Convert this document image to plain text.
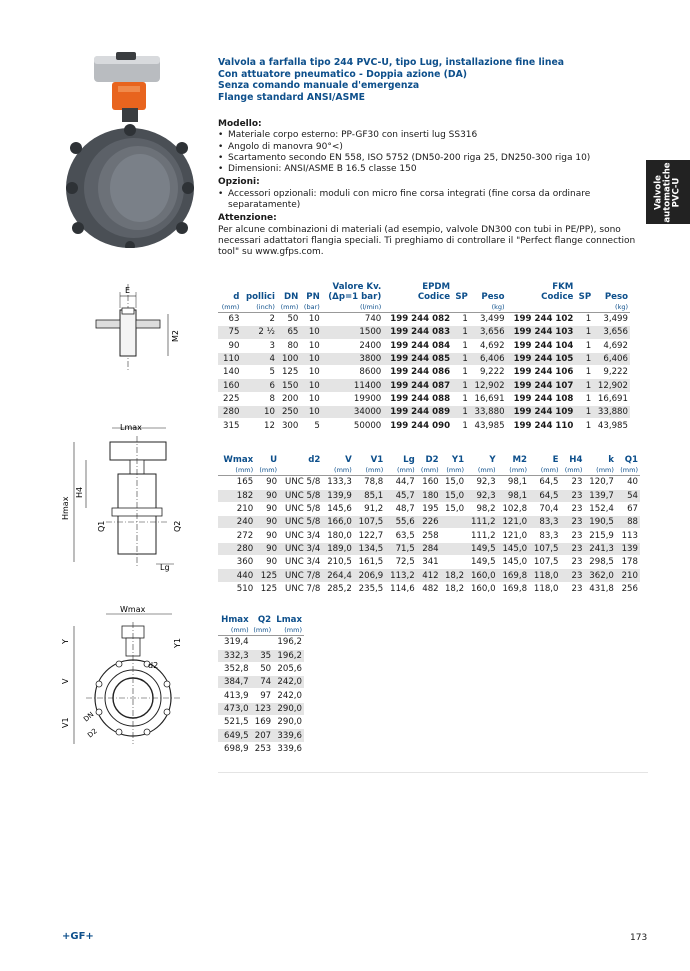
Valvola a farfalla tipo 244 PVC-U, tipo Lug, installazione fine linea
Con attuatore pneumatico - Doppia azione (DA)
Senza comando manuale d'emergenza
Flange standard ANSI/ASME
Valvole automatiche PVC-U
Modello:
• Materiale corpo esterno: PP-GF30 con inserti lug SS316
• Angolo di manovra 90°<)
• Scartamento secondo EN 558, ISO 5752 (DN50-200 riga 25, DN250-300 riga 10)
• Dimensioni: ANSI/ASME B 16.5 classe 150
Opzioni:
• Accessori opzionali: moduli con micro fine corsa integrati (fine corsa da ordinare separatamente)
Attenzione:
Per alcune combinazioni di materiali (ad esempio, valvole DN300 con tubi in PE/PP), sono necessari adattatori flangia speciali. Ti preghiamo di controllare il "Perfect flange connection tool" su www.gfps.com.
E
M2
Lmax
Hmax
H4
Q1	Q2
Lg
Wmax
Y
V
V1
Y1
d2
DN
D2
d	pollici	DN	PN	Valore Kv.
(Δp=1 bar)	EPDM
Codice	SP	Peso	FKM
Codice	SP	Peso
(mm)	(inch)	(mm)	(bar)	(l/min)			(kg)			(kg)
63	2	50	10	740	199 244 082	1	3,499	199 244 102	1	3,499
75	2 ½	65	10	1500	199 244 083	1	3,656	199 244 103	1	3,656
90	3	80	10	2400	199 244 084	1	4,692	199 244 104	1	4,692
110	4	100	10	3800	199 244 085	1	6,406	199 244 105	1	6,406
140	5	125	10	8600	199 244 086	1	9,222	199 244 106	1	9,222
160	6	150	10	11400	199 244 087	1	12,902	199 244 107	1	12,902
225	8	200	10	19900	199 244 088	1	16,691	199 244 108	1	16,691
280	10	250	10	34000	199 244 089	1	33,880	199 244 109	1	33,880
315	12	300	5	50000	199 244 090	1	43,985	199 244 110	1	43,985
Wmax	U	d2	V	V1	Lg	D2	Y1	Y	M2	E	H4	k	Q1
(mm)	(mm)		(mm)	(mm)	(mm)	(mm)	(mm)	(mm)	(mm)	(mm)	(mm)	(mm)	(mm)
165	90	UNC 5/8	133,3	78,8	44,7	160	15,0	92,3	98,1	64,5	23	120,7	40
182	90	UNC 5/8	139,9	85,1	45,7	180	15,0	92,3	98,1	64,5	23	139,7	54
210	90	UNC 5/8	145,6	91,2	48,7	195	15,0	98,2	102,8	70,4	23	152,4	67
240	90	UNC 5/8	166,0	107,5	55,6	226		111,2	121,0	83,3	23	190,5	88
272	90	UNC 3/4	180,0	122,7	63,5	258		111,2	121,0	83,3	23	215,9	113
280	90	UNC 3/4	189,0	134,5	71,5	284		149,5	145,0	107,5	23	241,3	139
360	90	UNC 3/4	210,5	161,5	72,5	341		149,5	145,0	107,5	23	298,5	178
440	125	UNC 7/8	264,4	206,9	113,2	412	18,2	160,0	169,8	118,0	23	362,0	210
510	125	UNC 7/8	285,2	235,5	114,6	482	18,2	160,0	169,8	118,0	23	431,8	256
Hmax	Q2	Lmax
(mm)	(mm)	(mm)
319,4		196,2
332,3	35	196,2
352,8	50	205,6
384,7	74	242,0
413,9	97	242,0
473,0	123	290,0
521,5	169	290,0
649,5	207	339,6
698,9	253	339,6
+GF+	173
